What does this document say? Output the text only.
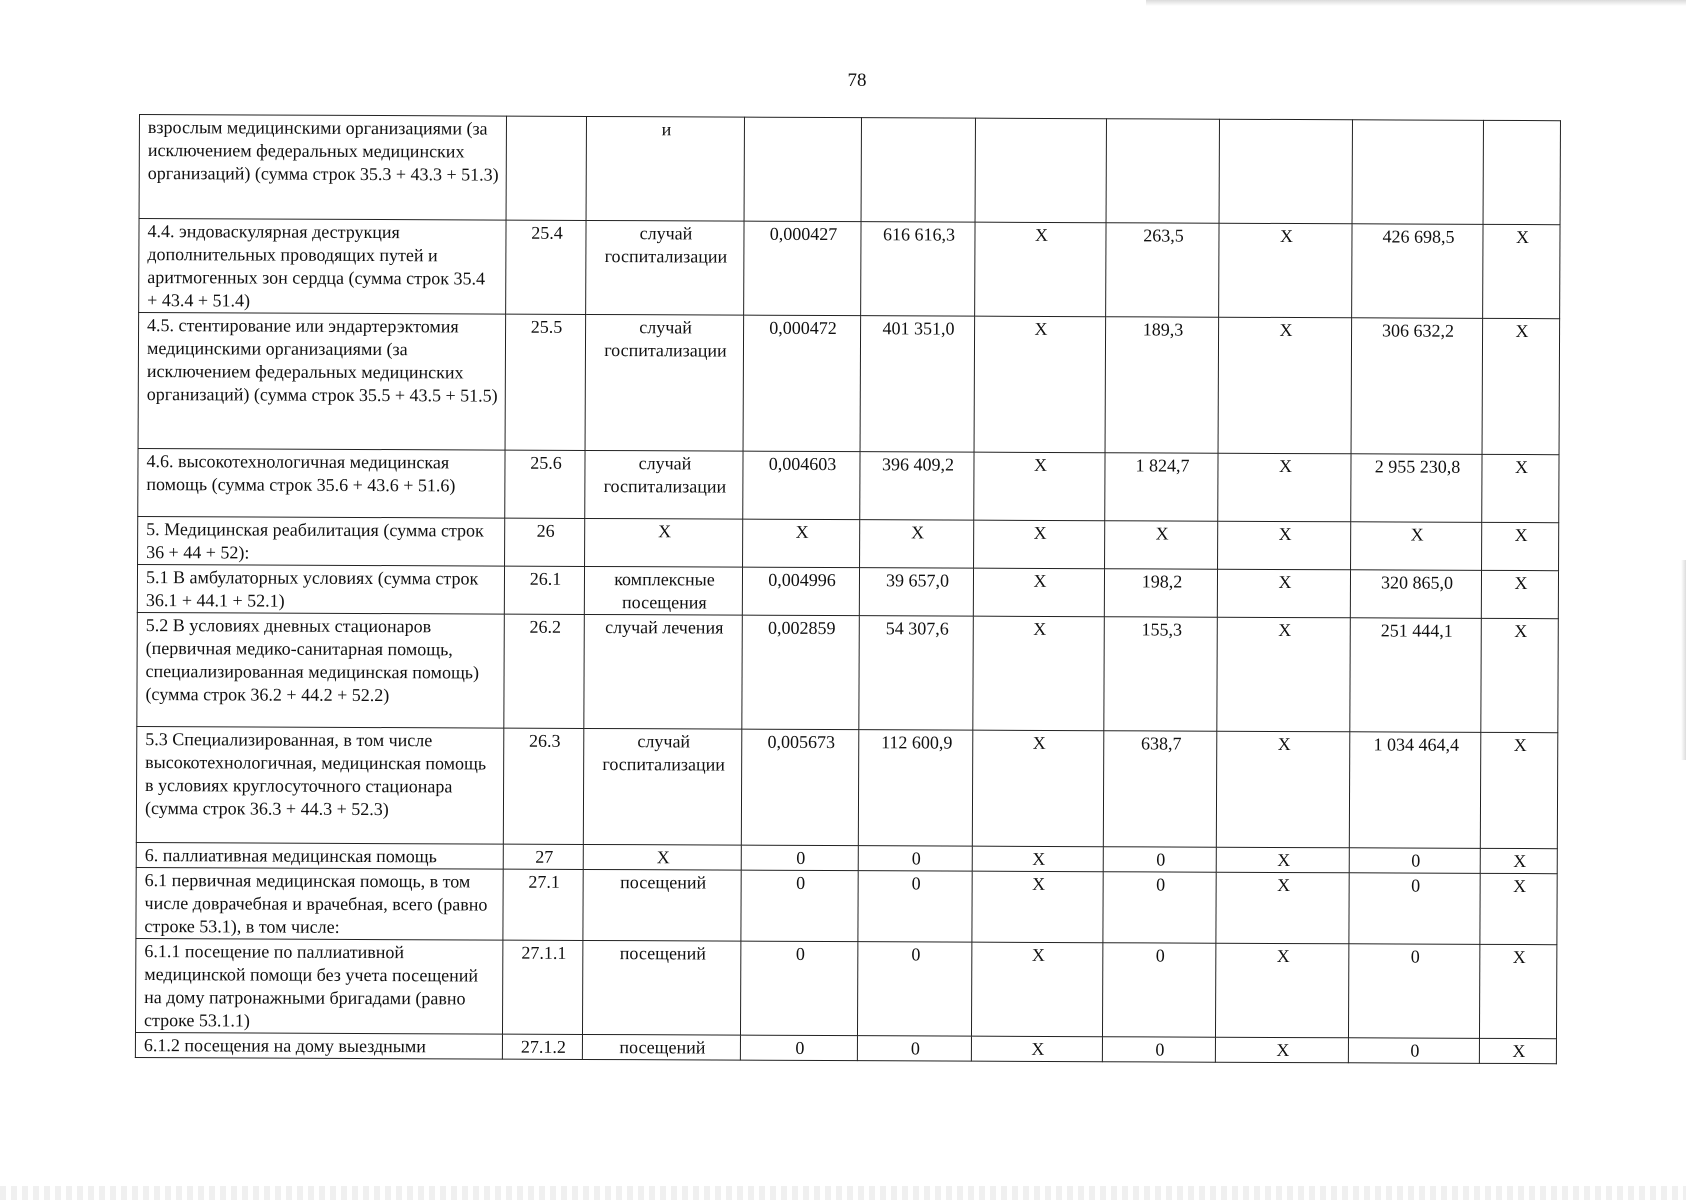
78
взрослым медицинскими организациями (за исключением федеральных медицинских организаций) (сумма строк 35.3 + 43.3 + 51.3)		и							
4.4. эндоваскулярная деструкция дополнительных проводящих путей и аритмогенных зон сердца (сумма строк 35.4 + 43.4 + 51.4)	25.4	случай госпитализации	0,000427	616 616,3	Х	263,5	Х	426 698,5	Х
4.5. стентирование или эндартерэктомия медицинскими организациями (за исключением федеральных медицинских организаций) (сумма строк 35.5 + 43.5 + 51.5)	25.5	случай госпитализации	0,000472	401 351,0	Х	189,3	Х	306 632,2	Х
4.6. высокотехнологичная медицинская помощь (сумма строк 35.6 + 43.6 + 51.6)	25.6	случай госпитализации	0,004603	396 409,2	Х	1 824,7	Х	2 955 230,8	Х
5. Медицинская реабилитация (сумма строк 36 + 44 + 52):	26	Х	Х	Х	Х	Х	Х	Х	Х
5.1 В амбулаторных условиях (сумма строк 36.1 + 44.1 + 52.1)	26.1	комплексные посещения	0,004996	39 657,0	Х	198,2	Х	320 865,0	Х
5.2 В условиях дневных стационаров (первичная медико-санитарная помощь, специализированная медицинская помощь) (сумма строк 36.2 + 44.2 + 52.2)	26.2	случай лечения	0,002859	54 307,6	Х	155,3	Х	251 444,1	Х
5.3 Специализированная, в том числе высокотехнологичная, медицинская помощь в условиях круглосуточного стационара (сумма строк 36.3 + 44.3 + 52.3)	26.3	случай госпитализации	0,005673	112 600,9	Х	638,7	Х	1 034 464,4	Х
6. паллиативная медицинская помощь	27	Х	0	0	Х	0	Х	0	Х
6.1 первичная медицинская помощь, в том числе доврачебная и врачебная, всего (равно строке 53.1), в том числе:	27.1	посещений	0	0	Х	0	Х	0	Х
6.1.1 посещение по паллиативной медицинской помощи без учета посещений на дому патронажными бригадами (равно строке 53.1.1)	27.1.1	посещений	0	0	Х	0	Х	0	Х
6.1.2 посещения на дому выездными	27.1.2	посещений	0	0	Х	0	Х	0	Х
